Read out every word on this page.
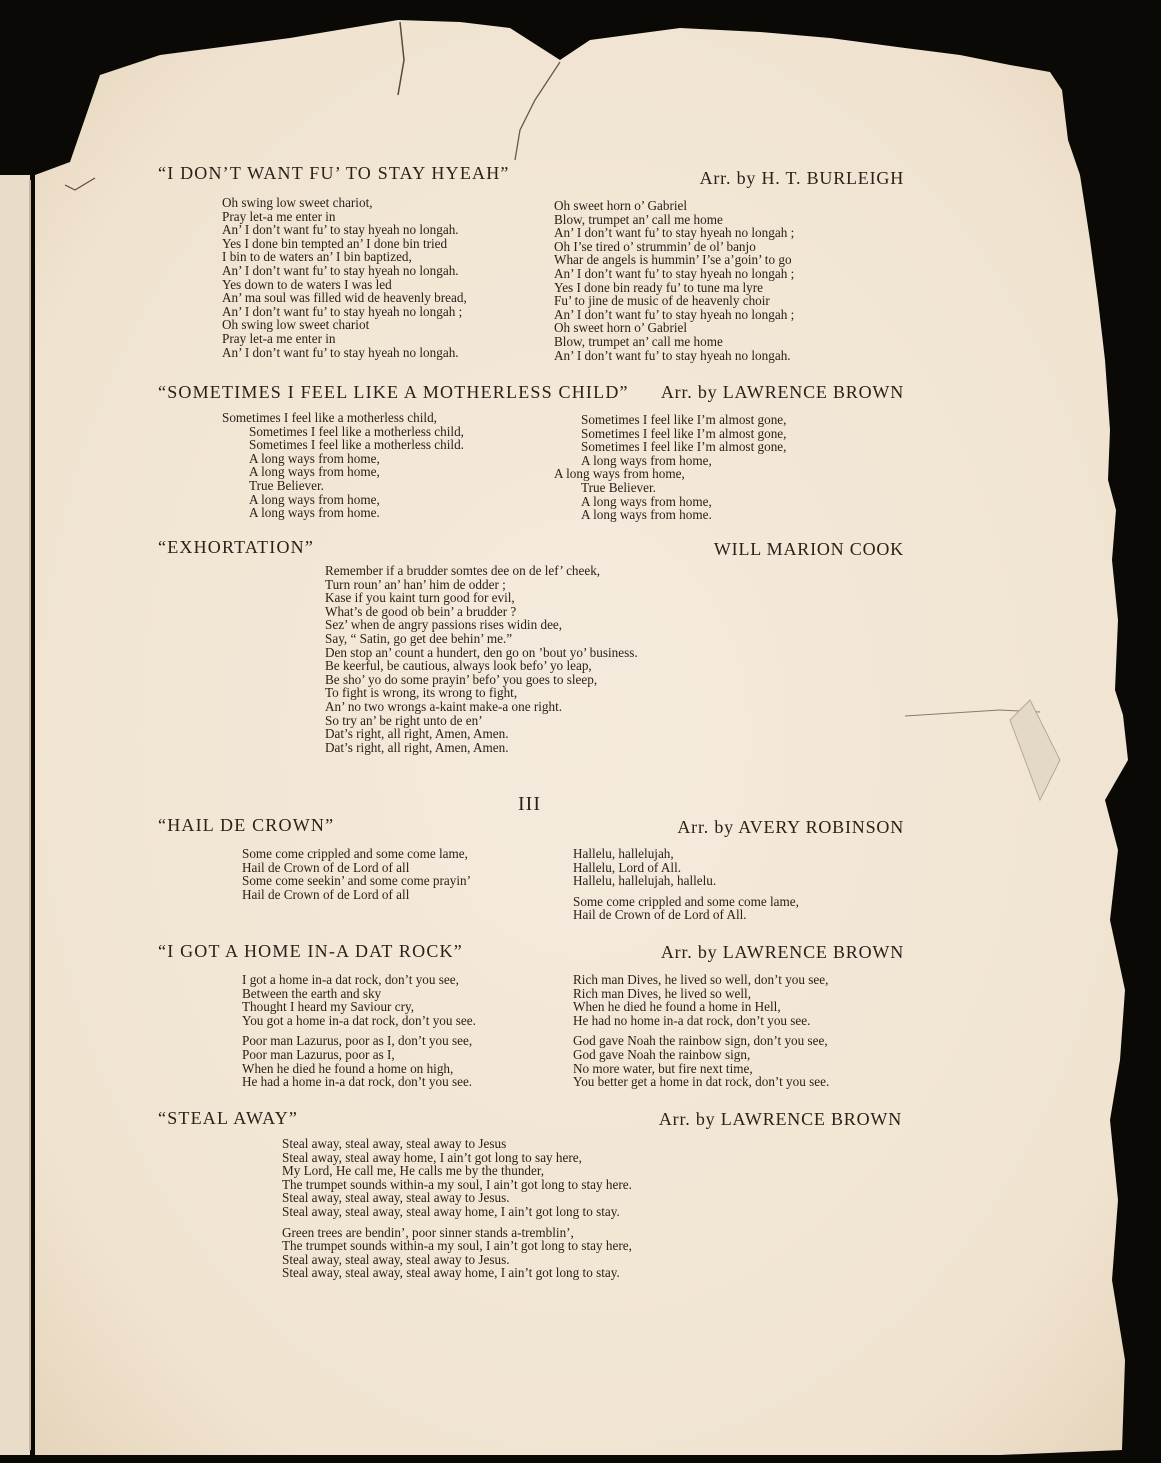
“I DON’T WANT FU’ TO STAY HYEAH”	Arr. by H. T. BURLEIGH
Oh swing low sweet chariot,
Pray let-a me enter in
An’ I don’t want fu’ to stay hyeah no longah.
Yes I done bin tempted an’ I done bin tried
I bin to de waters an’ I bin baptized,
An’ I don’t want fu’ to stay hyeah no longah.
Yes down to de waters I was led
An’ ma soul was filled wid de heavenly bread,
An’ I don’t want fu’ to stay hyeah no longah ;
Oh swing low sweet chariot
Pray let-a me enter in
An’ I don’t want fu’ to stay hyeah no longah.
Oh sweet horn o’ Gabriel
Blow, trumpet an’ call me home
An’ I don’t want fu’ to stay hyeah no longah ;
Oh I’se tired o’ strummin’ de ol’ banjo
Whar de angels is hummin’ I’se a’goin’ to go
An’ I don’t want fu’ to stay hyeah no longah ;
Yes I done bin ready fu’ to tune ma lyre
Fu’ to jine de music of de heavenly choir
An’ I don’t want fu’ to stay hyeah no longah ;
Oh sweet horn o’ Gabriel
Blow, trumpet an’ call me home
An’ I don’t want fu’ to stay hyeah no longah.
“SOMETIMES I FEEL LIKE A MOTHERLESS CHILD” Arr. by LAWRENCE BROWN
Sometimes I feel like a motherless child,
Sometimes I feel like a motherless child,
Sometimes I feel like a motherless child.
A long ways from home,
A long ways from home,
True Believer.
A long ways from home,
A long ways from home.
Sometimes I feel like I’m almost gone,
Sometimes I feel like I’m almost gone,
Sometimes I feel like I’m almost gone,
A long ways from home,
A long ways from home,
True Believer.
A long ways from home,
A long ways from home.
“EXHORTATION”	WILL MARION COOK
Remember if a brudder somtes dee on de lef’ cheek,
Turn roun’ an’ han’ him de odder ;
Kase if you kaint turn good for evil,
What’s de good ob bein’ a brudder ?
Sez’ when de angry passions rises widin dee,
Say, “ Satin, go get dee behin’ me.”
Den stop an’ count a hundert, den go on ’bout yo’ business.
Be keerful, be cautious, always look befo’ yo leap,
Be sho’ yo do some prayin’ befo’ you goes to sleep,
To fight is wrong, its wrong to fight,
An’ no two wrongs a-kaint make-a one right.
So try an’ be right unto de en’
Dat’s right, all right, Amen, Amen.
Dat’s right, all right, Amen, Amen.
III
“HAIL DE CROWN”	Arr. by AVERY ROBINSON
Some come crippled and some come lame,
Hail de Crown of de Lord of all
Some come seekin’ and some come prayin’
Hail de Crown of de Lord of all
Hallelu, hallelujah,
Hallelu, Lord of All.
Hallelu, hallelujah, hallelu.
Some come crippled and some come lame,
Hail de Crown of de Lord of All.
“I GOT A HOME IN-A DAT ROCK”	Arr. by LAWRENCE BROWN
I got a home in-a dat rock, don’t you see,
Between the earth and sky
Thought I heard my Saviour cry,
You got a home in-a dat rock, don’t you see.
Poor man Lazurus, poor as I, don’t you see,
Poor man Lazurus, poor as I,
When he died he found a home on high,
He had a home in-a dat rock, don’t you see.
Rich man Dives, he lived so well, don’t you see,
Rich man Dives, he lived so well,
When he died he found a home in Hell,
He had no home in-a dat rock, don’t you see.
God gave Noah the rainbow sign, don’t you see,
God gave Noah the rainbow sign,
No more water, but fire next time,
You better get a home in dat rock, don’t you see.
“STEAL AWAY”	Arr. by LAWRENCE BROWN
Steal away, steal away, steal away to Jesus
Steal away, steal away home, I ain’t got long to say here,
My Lord, He call me, He calls me by the thunder,
The trumpet sounds within-a my soul, I ain’t got long to stay here.
Steal away, steal away, steal away to Jesus.
Steal away, steal away, steal away home, I ain’t got long to stay.
Green trees are bendin’, poor sinner stands a-tremblin’,
The trumpet sounds within-a my soul, I ain’t got long to stay here,
Steal away, steal away, steal away to Jesus.
Steal away, steal away, steal away home, I ain’t got long to stay.
